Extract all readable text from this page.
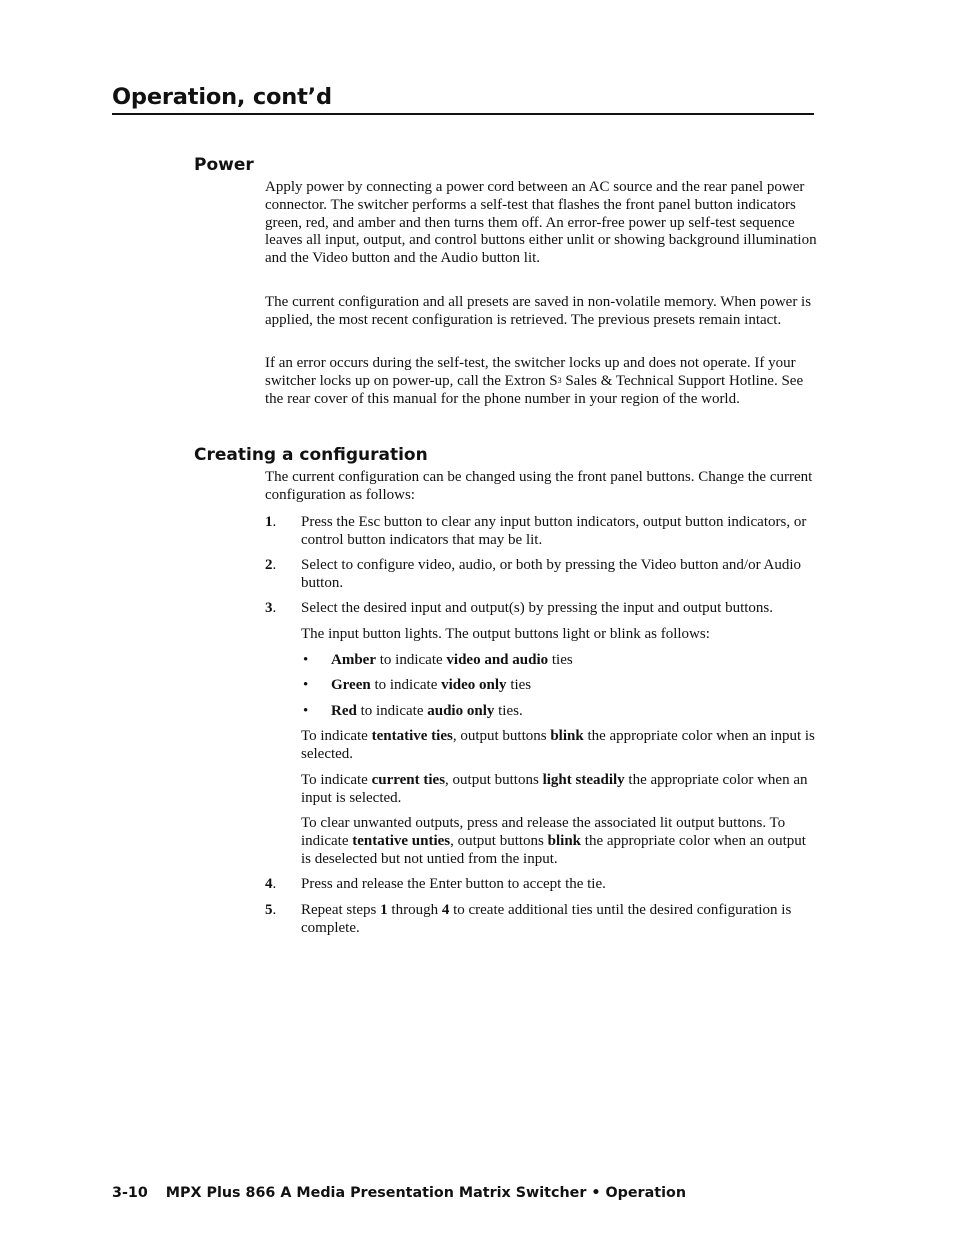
Operation, cont’d
Power
Apply power by connecting a power cord between an AC source and the rear panel power connector. The switcher performs a self-test that flashes the front panel button indicators green, red, and amber and then turns them off. An error-free power up self-test sequence leaves all input, output, and control buttons either unlit or showing background illumination and the Video button and the Audio button lit.
The current configuration and all presets are saved in non-volatile memory. When power is applied, the most recent configuration is retrieved. The previous presets remain intact.
If an error occurs during the self-test, the switcher locks up and does not operate. If your switcher locks up on power-up, call the Extron $S^3$ Sales & Technical Support Hotline. See the rear cover of this manual for the phone number in your region of the world.
Creating a configuration
The current configuration can be changed using the front panel buttons. Change the current configuration as follows:
1. Press the Esc button to clear any input button indicators, output button indicators, or control button indicators that may be lit.
2. Select to configure video, audio, or both by pressing the Video button and/or Audio button.
3. Select the desired input and output(s) by pressing the input and output buttons.
The input button lights. The output buttons light or blink as follows:
• Amber to indicate video and audio ties
• Green to indicate video only ties
• Red to indicate audio only ties.
To indicate tentative ties, output buttons blink the appropriate color when an input is selected.
To indicate current ties, output buttons light steadily the appropriate color when an input is selected.
To clear unwanted outputs, press and release the associated lit output buttons. To indicate tentative unties, output buttons blink the appropriate color when an output is deselected but not untied from the input.
4. Press and release the Enter button to accept the tie.
5. Repeat steps 1 through 4 to create additional ties until the desired configuration is complete.
3-10 MPX Plus 866 A Media Presentation Matrix Switcher • Operation
